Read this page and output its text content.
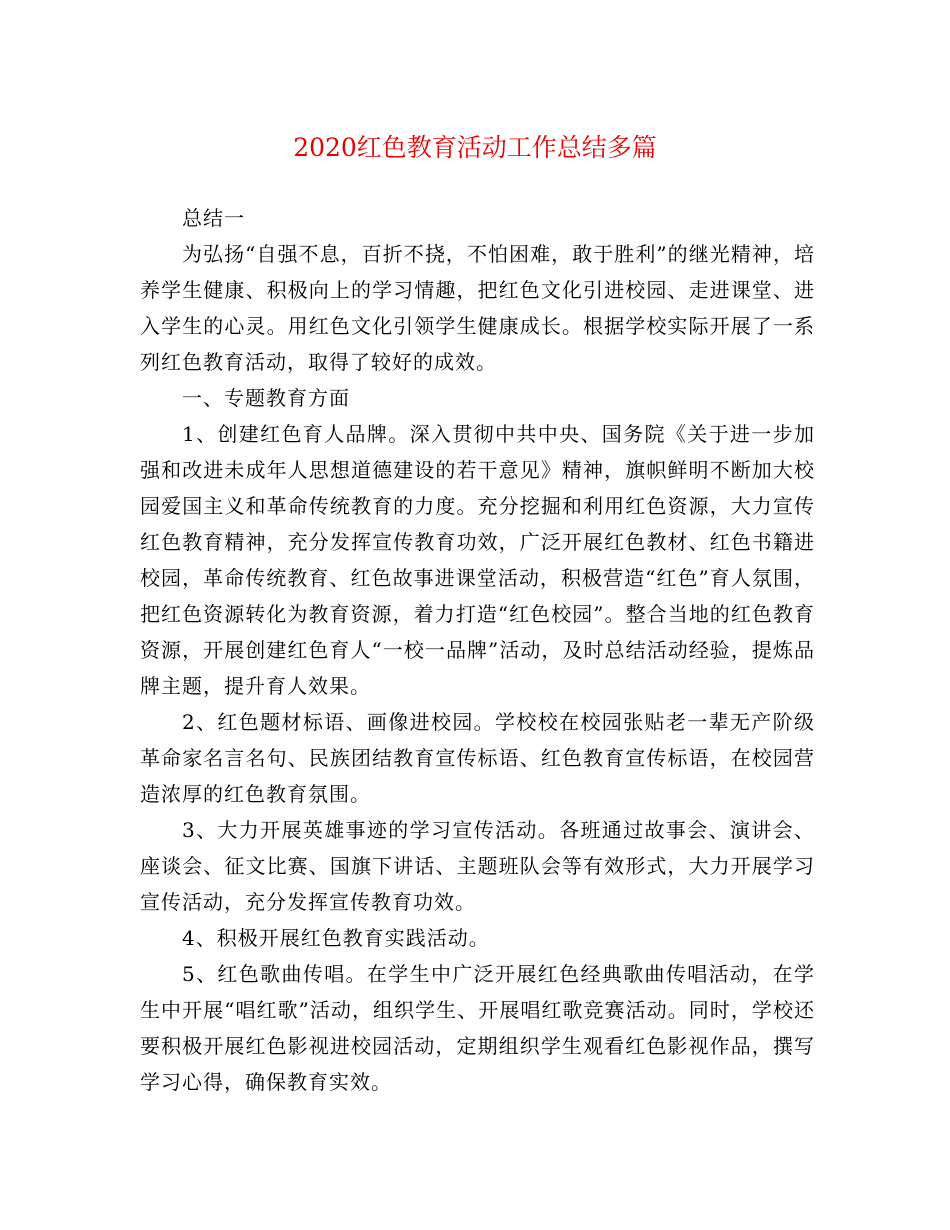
2020红色教育活动工作总结多篇

总结一

为弘扬“自强不息，百折不挠，不怕困难，敢于胜利”的继光精神，培养学生健康、积极向上的学习情趣，把红色文化引进校园、走进课堂、进入学生的心灵。用红色文化引领学生健康成长。根据学校实际开展了一系列红色教育活动，取得了较好的成效。

一、专题教育方面

1、创建红色育人品牌。深入贯彻中共中央、国务院《关于进一步加强和改进未成年人思想道德建设的若干意见》精神，旗帜鲜明不断加大校园爱国主义和革命传统教育的力度。充分挖掘和利用红色资源，大力宣传红色教育精神，充分发挥宣传教育功效，广泛开展红色教材、红色书籍进校园，革命传统教育、红色故事进课堂活动，积极营造“红色”育人氛围，把红色资源转化为教育资源，着力打造“红色校园”。整合当地的红色教育资源，开展创建红色育人“一校一品牌”活动，及时总结活动经验，提炼品牌主题，提升育人效果。

2、红色题材标语、画像进校园。学校校在校园张贴老一辈无产阶级革命家名言名句、民族团结教育宣传标语、红色教育宣传标语，在校园营造浓厚的红色教育氛围。

3、大力开展英雄事迹的学习宣传活动。各班通过故事会、演讲会、座谈会、征文比赛、国旗下讲话、主题班队会等有效形式，大力开展学习宣传活动，充分发挥宣传教育功效。

4、积极开展红色教育实践活动。

5、红色歌曲传唱。在学生中广泛开展红色经典歌曲传唱活动，在学生中开展“唱红歌”活动，组织学生、开展唱红歌竞赛活动。同时，学校还要积极开展红色影视进校园活动，定期组织学生观看红色影视作品，撰写学习心得，确保教育实效。
